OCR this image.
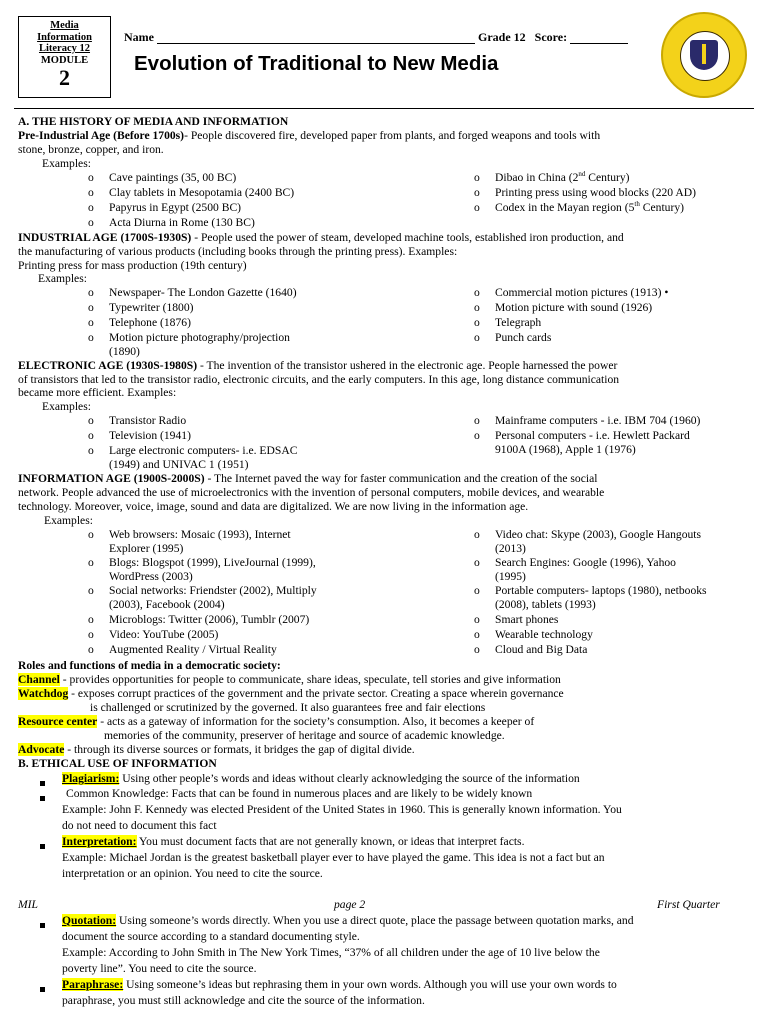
Media
Information
Literacy 12
MODULE
2
Name	Grade 12 Score:
Evolution of Traditional to New Media
A. THE HISTORY OF MEDIA AND INFORMATION
Pre-Industrial Age (Before 1700s)- People discovered fire, developed paper from plants, and forged weapons and tools with
stone, bronze, copper, and iron.
Examples:
o Cave paintings (35, 00 BC)
o Clay tablets in Mesopotamia (2400 BC)
o Papyrus in Egypt (2500 BC)
o Acta Diurna in Rome (130 BC)
o Dibao in China (2nd Century)
o Printing press using wood blocks (220 AD)
o Codex in the Mayan region (5th Century)
INDUSTRIAL AGE (1700S-1930S) - People used the power of steam, developed machine tools, established iron production, and
the manufacturing of various products (including books through the printing press). Examples:
Printing press for mass production (19th century)
Examples:
o Newspaper- The London Gazette (1640)
o Typewriter (1800)
o Telephone (1876)
o Motion picture photography/projection
(1890)
o Commercial motion pictures (1913) •
o Motion picture with sound (1926)
o Telegraph
o Punch cards
ELECTRONIC AGE (1930S-1980S) - The invention of the transistor ushered in the electronic age. People harnessed the power
of transistors that led to the transistor radio, electronic circuits, and the early computers. In this age, long distance communication
became more efficient. Examples:
Examples:
o Transistor Radio
o Television (1941)
o Large electronic computers- i.e. EDSAC
(1949) and UNIVAC 1 (1951)
o Mainframe computers - i.e. IBM 704 (1960)
o Personal computers - i.e. Hewlett Packard
9100A (1968), Apple 1 (1976)
INFORMATION AGE (1900S-2000S) - The Internet paved the way for faster communication and the creation of the social
network. People advanced the use of microelectronics with the invention of personal computers, mobile devices, and wearable
technology. Moreover, voice, image, sound and data are digitalized. We are now living in the information age.
Examples:
o Web browsers: Mosaic (1993), Internet
Explorer (1995)
o Blogs: Blogspot (1999), LiveJournal (1999),
WordPress (2003)
o Social networks: Friendster (2002), Multiply
(2003), Facebook (2004)
o Microblogs: Twitter (2006), Tumblr (2007)
o Video: YouTube (2005)
o Augmented Reality / Virtual Reality
o Video chat: Skype (2003), Google Hangouts
(2013)
o Search Engines: Google (1996), Yahoo
(1995)
o Portable computers- laptops (1980), netbooks
(2008), tablets (1993)
o Smart phones
o Wearable technology
o Cloud and Big Data
Roles and functions of media in a democratic society:
Channel - provides opportunities for people to communicate, share ideas, speculate, tell stories and give information
Watchdog - exposes corrupt practices of the government and the private sector. Creating a space wherein governance
is challenged or scrutinized by the governed. It also guarantees free and fair elections
Resource center - acts as a gateway of information for the society’s consumption. Also, it becomes a keeper of
memories of the community, preserver of heritage and source of academic knowledge.
Advocate - through its diverse sources or formats, it bridges the gap of digital divide.
B. ETHICAL USE OF INFORMATION
Plagiarism: Using other people’s words and ideas without clearly acknowledging the source of the information
Common Knowledge: Facts that can be found in numerous places and are likely to be widely known
Example: John F. Kennedy was elected President of the United States in 1960. This is generally known information. You
do not need to document this fact
Interpretation: You must document facts that are not generally known, or ideas that interpret facts.
Example: Michael Jordan is the greatest basketball player ever to have played the game. This idea is not a fact but an
interpretation or an opinion. You need to cite the source.
MIL	page 2	First Quarter
Quotation: Using someone’s words directly. When you use a direct quote, place the passage between quotation marks, and
document the source according to a standard documenting style.
Example: According to John Smith in The New York Times, “37% of all children under the age of 10 live below the
poverty line”. You need to cite the source.
Paraphrase: Using someone’s ideas but rephrasing them in your own words. Although you will use your own words to
paraphrase, you must still acknowledge and cite the source of the information.
